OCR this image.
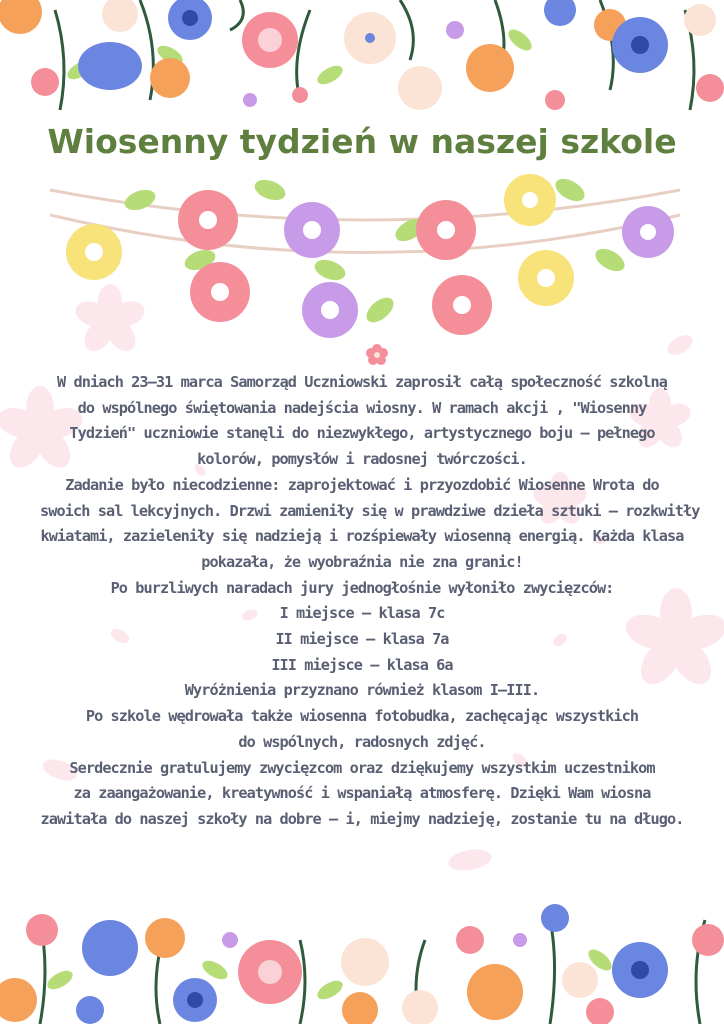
Wiosenny tydzień w naszej szkole
W dniach 23–31 marca Samorząd Uczniowski zaprosił całą społeczność szkolną
do wspólnego świętowania nadejścia wiosny. W ramach akcji , "Wiosenny
Tydzień" uczniowie stanęli do niezwykłego, artystycznego boju – pełnego
kolorów, pomysłów i radosnej twórczości.
Zadanie było niecodzienne: zaprojektować i przyozdobić Wiosenne Wrota do
swoich sal lekcyjnych. Drzwi zamieniły się w prawdziwe dzieła sztuki – rozkwitły
kwiatami, zazieleniły się nadzieją i rozśpiewały wiosenną energią. Każda klasa
pokazała, że wyobraźnia nie zna granic!
Po burzliwych naradach jury jednogłośnie wyłoniło zwycięzców:
I miejsce – klasa 7c
II miejsce – klasa 7a
III miejsce – klasa 6a
Wyróżnienia przyznano również klasom I–III.
Po szkole wędrowała także wiosenna fotobudka, zachęcając wszystkich
do wspólnych, radosnych zdjęć.
Serdecznie gratulujemy zwycięzcom oraz dziękujemy wszystkim uczestnikom
za zaangażowanie, kreatywność i wspaniałą atmosferę. Dzięki Wam wiosna
zawitała do naszej szkoły na dobre – i, miejmy nadzieję, zostanie tu na długo.
